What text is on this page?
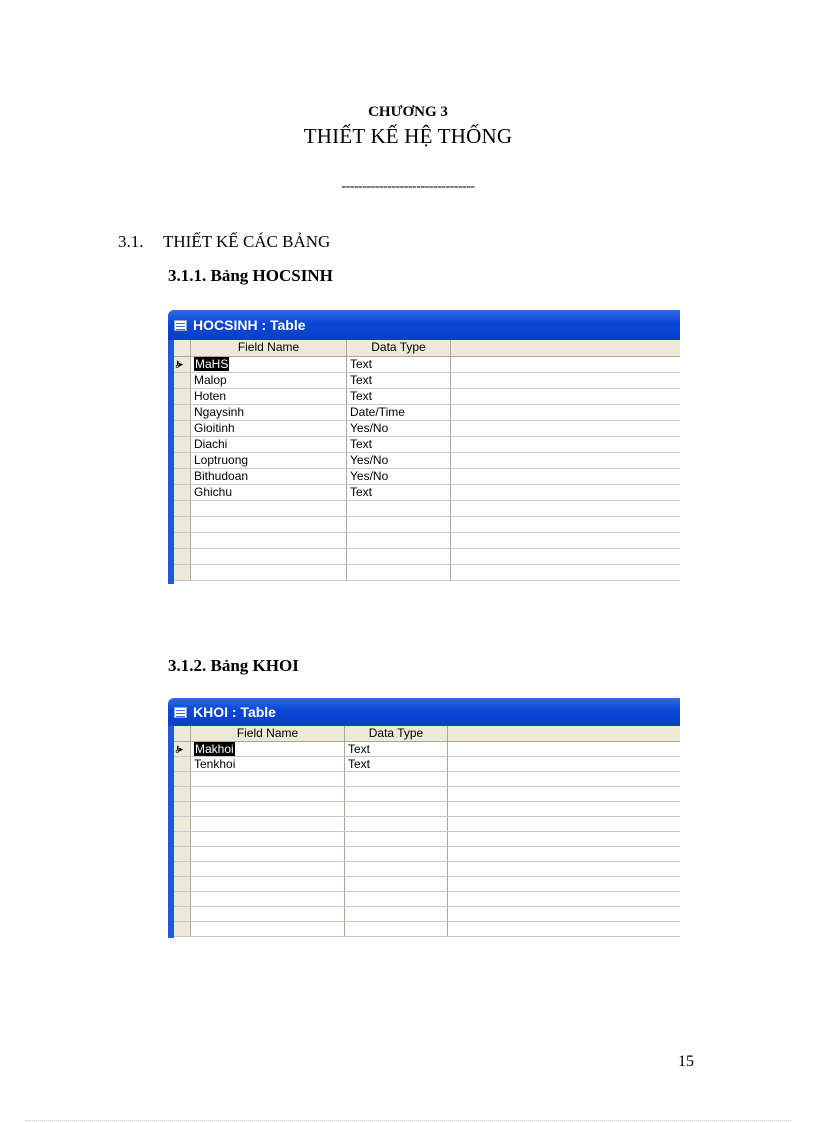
CHƯƠNG 3
THIẾT KẾ HỆ THỐNG
--------------------------------
3.1. THIẾT KẾ CÁC BẢNG
3.1.1. Bảng HOCSINH
HOCSINH : Table
Field Name	Data Type
⚷▸	MaHS	Text
Malop	Text
Hoten	Text
Ngaysinh	Date/Time
Gioitinh	Yes/No
Diachi	Text
Loptruong	Yes/No
Bithudoan	Yes/No
Ghichu	Text
3.1.2. Bảng KHOI
KHOI : Table
Field Name	Data Type
⚷▸	Makhoi	Text
Tenkhoi	Text
15
